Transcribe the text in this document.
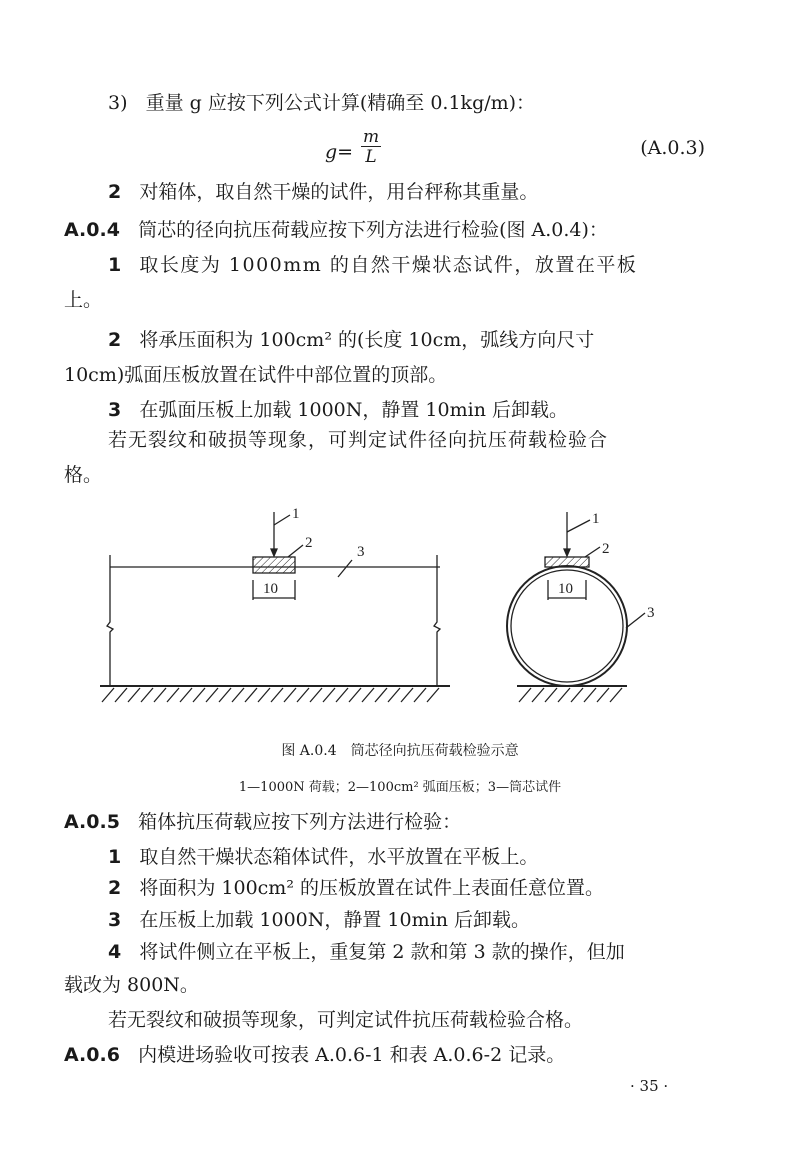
3) 重量 g 应按下列公式计算(精确至 0.1kg/m)：
$g= \frac{m}{L}$	(A.0.3)
2 对箱体，取自然干燥的试件，用台秤称其重量。
A.0.4 筒芯的径向抗压荷载应按下列方法进行检验(图 A.0.4)：
1 取长度为 1000mm 的自然干燥状态试件，放置在平板
上。
2 将承压面积为 100cm² 的(长度 10cm，弧线方向尺寸
10cm)弧面压板放置在试件中部位置的顶部。
3 在弧面压板上加载 1000N，静置 10min 后卸载。
若无裂纹和破损等现象，可判定试件径向抗压荷载检验合
格。
1
2
3
10
1
2
3
10
图 A.0.4　筒芯径向抗压荷载检验示意
1—1000N 荷载；2—100cm² 弧面压板；3—筒芯试件
A.0.5 箱体抗压荷载应按下列方法进行检验：
1 取自然干燥状态箱体试件，水平放置在平板上。
2 将面积为 100cm² 的压板放置在试件上表面任意位置。
3 在压板上加载 1000N，静置 10min 后卸载。
4 将试件侧立在平板上，重复第 2 款和第 3 款的操作，但加
载改为 800N。
若无裂纹和破损等现象，可判定试件抗压荷载检验合格。
A.0.6 内模进场验收可按表 A.0.6-1 和表 A.0.6-2 记录。
· 35 ·
